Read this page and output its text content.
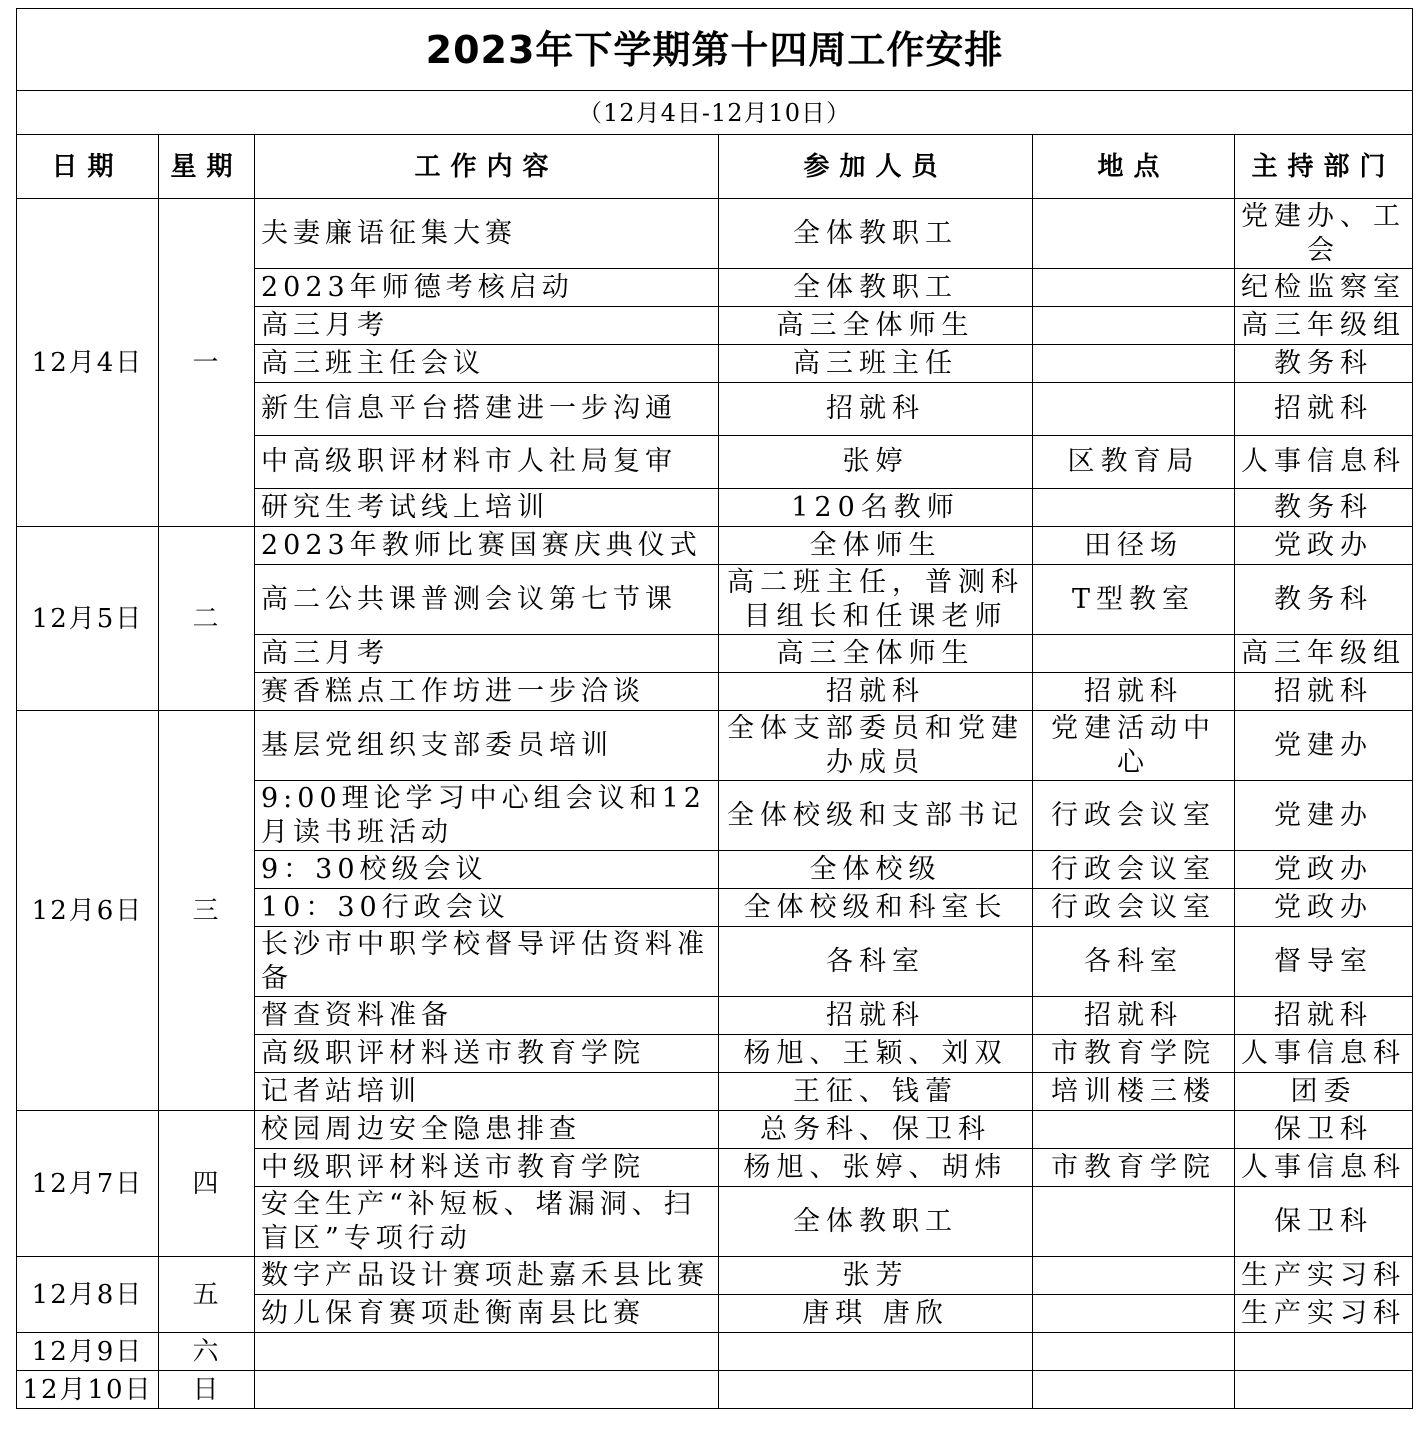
2023年下学期第十四周工作安排					
（12月4日-12月10日）					
日期	星期	工作内容	参加人员	地点	主持部门
12月4日	一	夫妻廉语征集大赛	全体教职工		党建办、工会
		2023年师德考核启动	全体教职工		纪检监察室
		高三月考	高三全体师生		高三年级组
		高三班主任会议	高三班主任		教务科
		新生信息平台搭建进一步沟通	招就科		招就科
		中高级职评材料市人社局复审	张婷	区教育局	人事信息科
		研究生考试线上培训	120名教师		教务科
12月5日	二	2023年教师比赛国赛庆典仪式	全体师生	田径场	党政办
		高二公共课普测会议第七节课	高二班主任，普测科目组长和任课老师	T型教室	教务科
		高三月考	高三全体师生		高三年级组
		赛香糕点工作坊进一步洽谈	招就科	招就科	招就科
12月6日	三	基层党组织支部委员培训	全体支部委员和党建办成员	党建活动中心	党建办
		9:00理论学习中心组会议和12月读书班活动	全体校级和支部书记	行政会议室	党建办
		9：30校级会议	全体校级	行政会议室	党政办
		10：30行政会议	全体校级和科室长	行政会议室	党政办
		长沙市中职学校督导评估资料准备	各科室	各科室	督导室
		督查资料准备	招就科	招就科	招就科
		高级职评材料送市教育学院	杨旭、王颖、刘双	市教育学院	人事信息科
		记者站培训	王征、钱蕾	培训楼三楼	团委
12月7日	四	校园周边安全隐患排查	总务科、保卫科		保卫科
		中级职评材料送市教育学院	杨旭、张婷、胡炜	市教育学院	人事信息科
		安全生产“补短板、堵漏洞、扫盲区”专项行动	全体教职工		保卫科
12月8日	五	数字产品设计赛项赴嘉禾县比赛	张芳		生产实习科
		幼儿保育赛项赴衡南县比赛	唐琪 唐欣		生产实习科
12月9日	六				
12月10日	日				
